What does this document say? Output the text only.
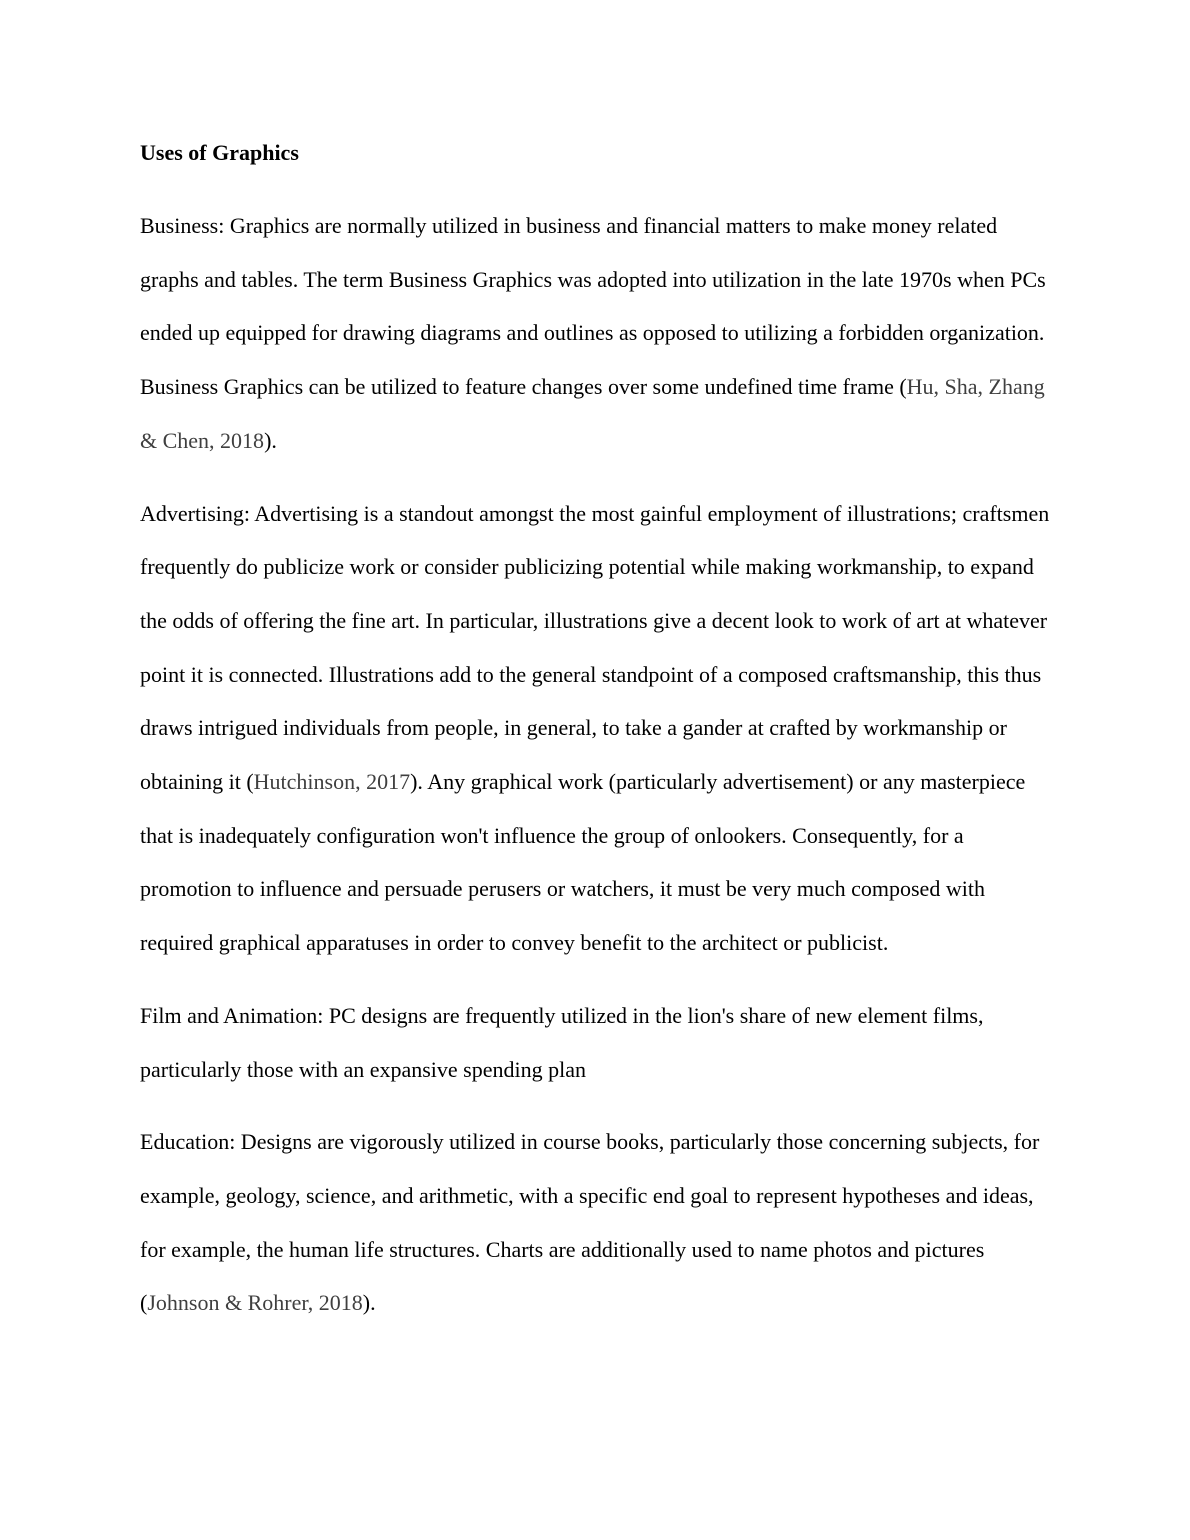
Uses of Graphics

Business: Graphics are normally utilized in business and financial matters to make money related graphs and tables. The term Business Graphics was adopted into utilization in the late 1970s when PCs ended up equipped for drawing diagrams and outlines as opposed to utilizing a forbidden organization. Business Graphics can be utilized to feature changes over some undefined time frame (Hu, Sha, Zhang & Chen, 2018).

Advertising: Advertising is a standout amongst the most gainful employment of illustrations; craftsmen frequently do publicize work or consider publicizing potential while making workmanship, to expand the odds of offering the fine art. In particular, illustrations give a decent look to work of art at whatever point it is connected. Illustrations add to the general standpoint of a composed craftsmanship, this thus draws intrigued individuals from people, in general, to take a gander at crafted by workmanship or obtaining it (Hutchinson, 2017). Any graphical work (particularly advertisement) or any masterpiece that is inadequately configuration won't influence the group of onlookers. Consequently, for a promotion to influence and persuade perusers or watchers, it must be very much composed with required graphical apparatuses in order to convey benefit to the architect or publicist.

Film and Animation: PC designs are frequently utilized in the lion's share of new element films, particularly those with an expansive spending plan

Education: Designs are vigorously utilized in course books, particularly those concerning subjects, for example, geology, science, and arithmetic, with a specific end goal to represent hypotheses and ideas, for example, the human life structures. Charts are additionally used to name photos and pictures (Johnson & Rohrer, 2018).
